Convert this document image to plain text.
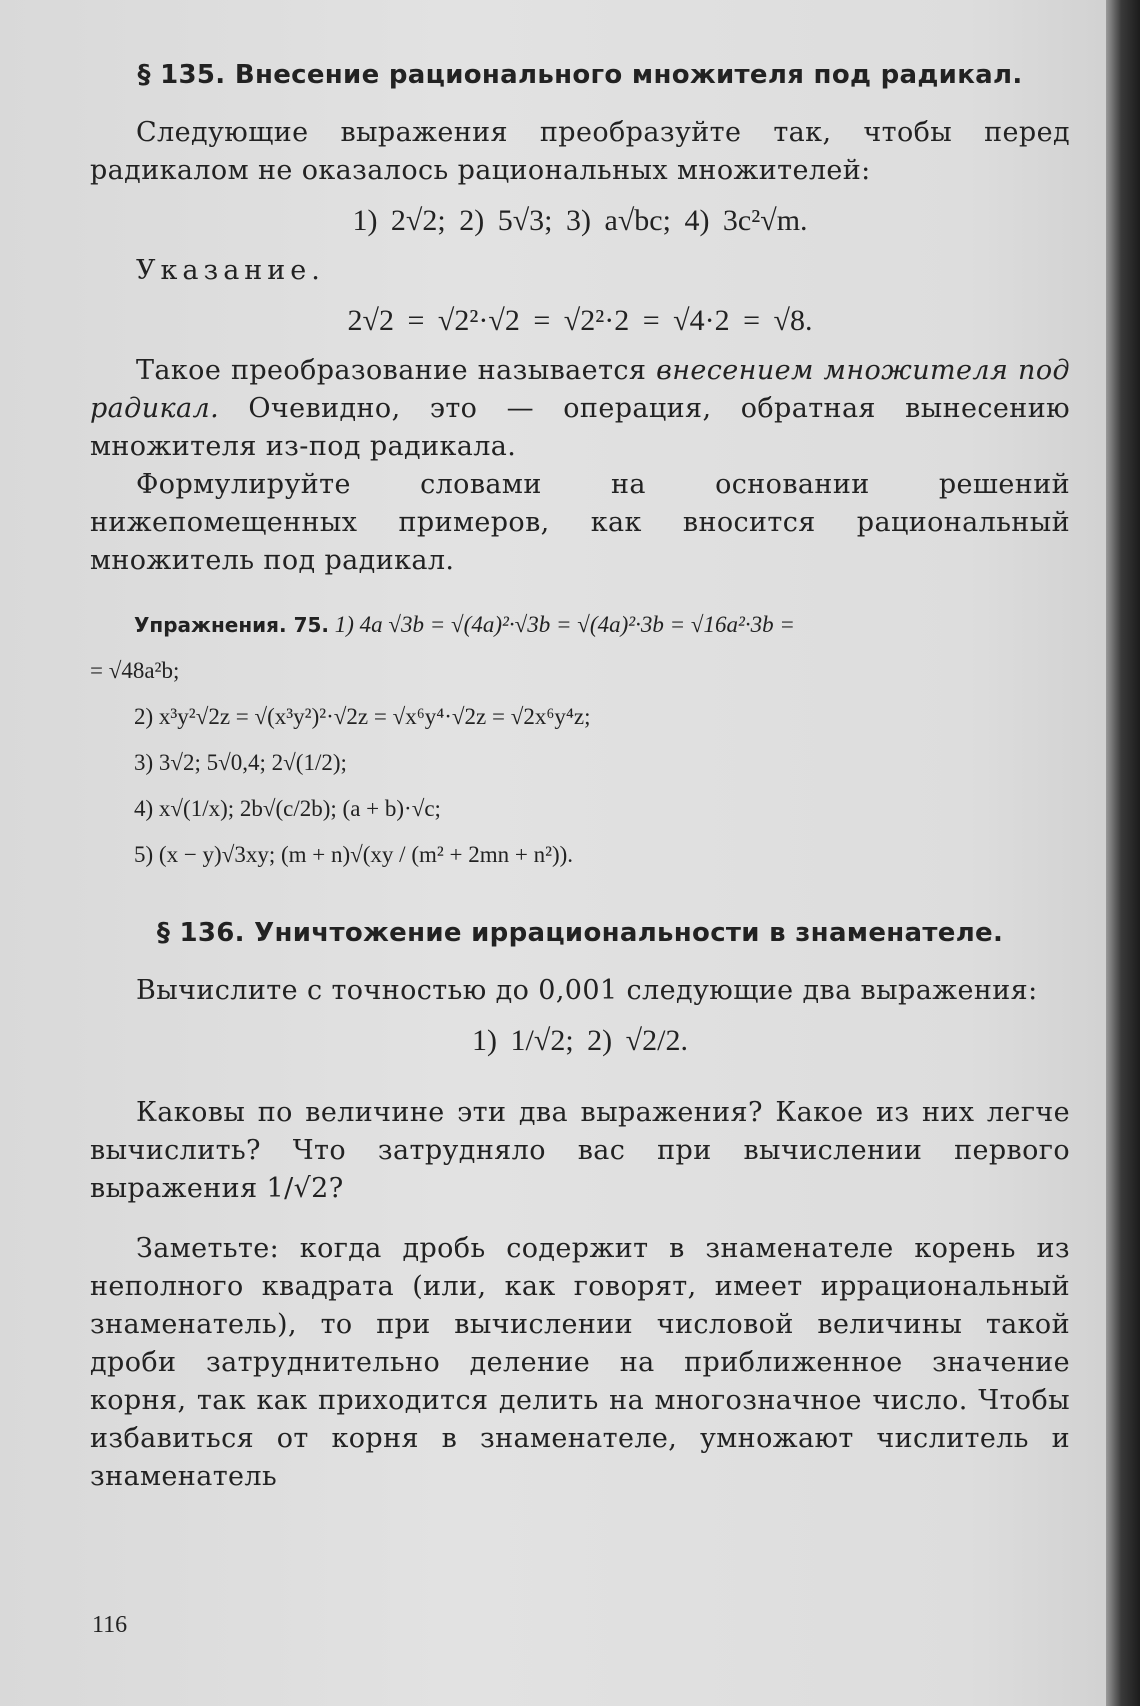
§ 135. Внесение рационального множителя под радикал.

Следующие выражения преобразуйте так, чтобы перед радикалом не оказалось рациональных множителей:

1) 2√2; 2) 5√3; 3) a√bc; 4) 3c²√m.

Указание.

2√2 = √2²·√2 = √2²·2 = √4·2 = √8.

Такое преобразование называется внесением множителя под радикал. Очевидно, это — операция, обратная вынесению множителя из-под радикала.

Формулируйте словами на основании решений нижепомещенных примеров, как вносится рациональный множитель под радикал.

Упражнения. 75. 1) 4a √3b = √(4a)²·√3b = √(4a)²·3b = √16a²·3b =
= √48a²b;
2) x³y²√2z = √(x³y²)²·√2z = √x⁶y⁴·√2z = √2x⁶y⁴z;
3) 3√2; 5√0,4; 2√(1/2);
4) x√(1/x); 2b√(c/2b); (a + b)·√c;
5) (x − y)√3xy; (m + n)√(xy / (m² + 2mn + n²)).
§ 136. Уничтожение иррациональности в знаменателе.

Вычислите с точностью до 0,001 следующие два выражения:

1) 1/√2; 2) √2/2.

Каковы по величине эти два выражения? Какое из них легче вычислить? Что затрудняло вас при вычислении первого выражения 1/√2?

Заметьте: когда дробь содержит в знаменателе корень из неполного квадрата (или, как говорят, имеет иррациональный знаменатель), то при вычислении числовой величины такой дроби затруднительно деление на приближенное значение корня, так как приходится делить на многозначное число. Чтобы избавиться от корня в знаменателе, умножают числитель и знаменатель

116
